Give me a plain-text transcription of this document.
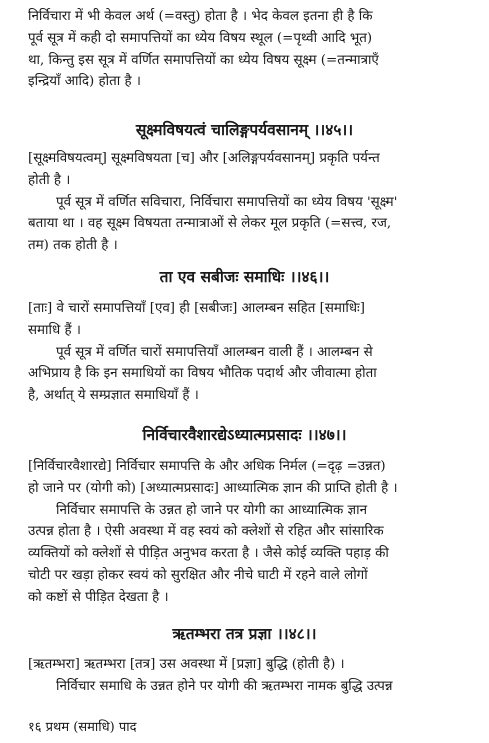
निर्विचारा में भी केवल अर्थ (=वस्तु) होता है । भेद केवल इतना ही है कि
पूर्व सूत्र में कही दो समापत्तियों का ध्येय विषय स्थूल (=पृथ्वी आदि भूत)
था, किन्तु इस सूत्र में वर्णित समापत्तियों का ध्येय विषय सूक्ष्म (=तन्मात्राएँ
इन्द्रियाँ आदि) होता है ।

सूक्ष्मविषयत्वं चालिङ्गपर्यवसानम् ।।४५।।

[सूक्ष्मविषयत्वम्] सूक्ष्मविषयता [च] और [अलिङ्गपर्यवसानम्] प्रकृति पर्यन्त
होती है ।
पूर्व सूत्र में वर्णित सविचारा, निर्विचारा समापत्तियों का ध्येय विषय 'सूक्ष्म'
बताया था । वह सूक्ष्म विषयता तन्मात्राओं से लेकर मूल प्रकृति (=सत्त्व, रज,
तम) तक होती है ।

ता एव सबीजः समाधिः ।।४६।।

[ताः] वे चारों समापत्तियाँ [एव] ही [सबीजः] आलम्बन सहित [समाधिः]
समाधि हैं ।
पूर्व सूत्र में वर्णित चारों समापत्तियाँ आलम्बन वाली हैं । आलम्बन से
अभिप्राय है कि इन समाधियों का विषय भौतिक पदार्थ और जीवात्मा होता
है, अर्थात् ये सम्प्रज्ञात समाधियाँ हैं ।

निर्विचारवैशारद्येऽध्यात्मप्रसादः ।।४७।।

[निर्विचारवैशारद्ये] निर्विचार समापत्ति के और अधिक निर्मल (=दृढ़ =उन्नत)
हो जाने पर (योगी को) [अध्यात्मप्रसादः] आध्यात्मिक ज्ञान की प्राप्ति होती है ।
निर्विचार समापत्ति के उन्नत हो जाने पर योगी का आध्यात्मिक ज्ञान
उत्पन्न होता है । ऐसी अवस्था में वह स्वयं को क्लेशों से रहित और सांसारिक
व्यक्तियों को क्लेशों से पीड़ित अनुभव करता है । जैसे कोई व्यक्ति पहाड़ की
चोटी पर खड़ा होकर स्वयं को सुरक्षित और नीचे घाटी में रहने वाले लोगों
को कष्टों से पीड़ित देखता है ।

ऋतम्भरा तत्र प्रज्ञा ।।४८।।

[ऋतम्भरा] ऋतम्भरा [तत्र] उस अवस्था में [प्रज्ञा] बुद्धि (होती है) ।
निर्विचार समाधि के उन्नत होने पर योगी की ऋतम्भरा नामक बुद्धि उत्पन्न

१६ प्रथम (समाधि) पाद
